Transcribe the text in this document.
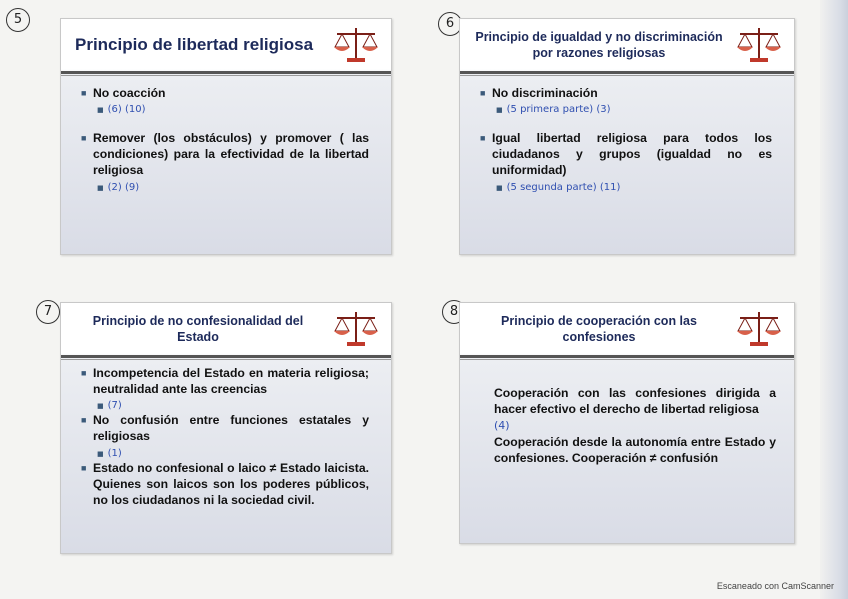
5
Principio de libertad religiosa
■ No coacción
■ (6) (10)
■ Remover (los obstáculos) y promover ( las condiciones) para la efectividad de la libertad religiosa
■ (2) (9)
6
Principio de igualdad y no discriminación por razones religiosas
■ No discriminación
■ (5 primera parte) (3)
■ Igual libertad religiosa para todos los ciudadanos y grupos (igualdad no es uniformidad)
■ (5 segunda parte) (11)
7
Principio de no confesionalidad del Estado
■ Incompetencia del Estado en materia religiosa; neutralidad ante las creencias
■ (7)
■ No confusión entre funciones estatales y religiosas
■ (1)
■ Estado no confesional o laico ≠ Estado laicista. Quienes son laicos son los poderes públicos, no los ciudadanos ni la sociedad civil.
8
Principio de cooperación con las confesiones
Cooperación con las confesiones dirigida a hacer efectivo el derecho de libertad religiosa
(4)
Cooperación desde la autonomía entre Estado y confesiones. Cooperación ≠ confusión
Escaneado con CamScanner
